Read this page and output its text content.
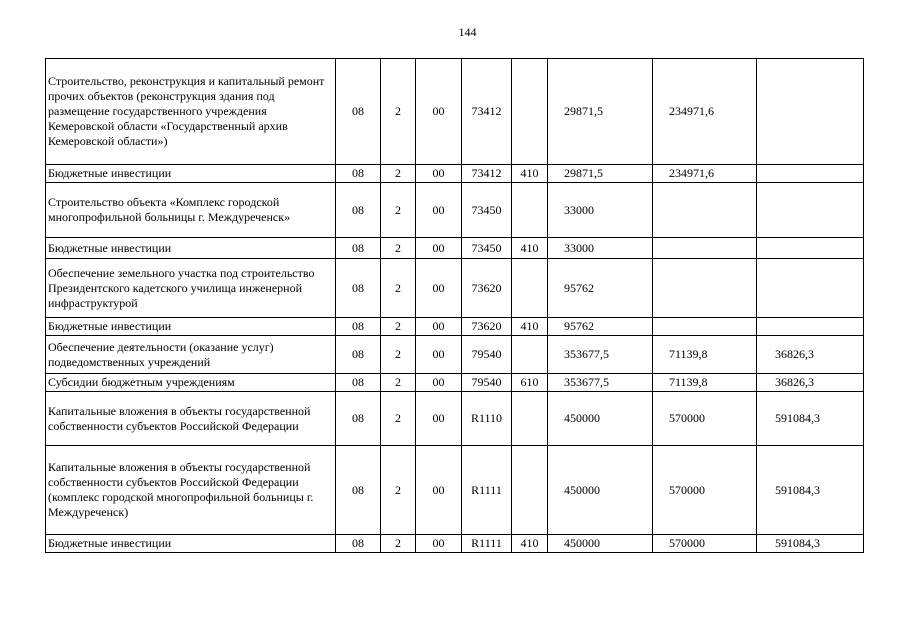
144
Строительство, реконструкция и капитальный ремонт прочих объектов (реконструкция здания под размещение государственного учреждения Кемеровской области «Государственный архив Кемеровской области»)	08	2	00	73412		29871,5	234971,6	
Бюджетные инвестиции	08	2	00	73412	410	29871,5	234971,6	
Строительство объекта «Комплекс городской многопрофильной больницы г. Междуреченск»	08	2	00	73450		33000		
Бюджетные инвестиции	08	2	00	73450	410	33000		
Обеспечение земельного участка под строительство Президентского кадетского училища инженерной инфраструктурой	08	2	00	73620		95762		
Бюджетные инвестиции	08	2	00	73620	410	95762		
Обеспечение деятельности (оказание услуг) подведомственных учреждений	08	2	00	79540		353677,5	71139,8	36826,3
Субсидии бюджетным учреждениям	08	2	00	79540	610	353677,5	71139,8	36826,3
Капитальные вложения в объекты государственной собственности субъектов Российской Федерации	08	2	00	R1110		450000	570000	591084,3
Капитальные вложения в объекты государственной собственности субъектов Российской Федерации (комплекс городской многопрофильной больницы г. Междуреченск)	08	2	00	R1111		450000	570000	591084,3
Бюджетные инвестиции	08	2	00	R1111	410	450000	570000	591084,3
